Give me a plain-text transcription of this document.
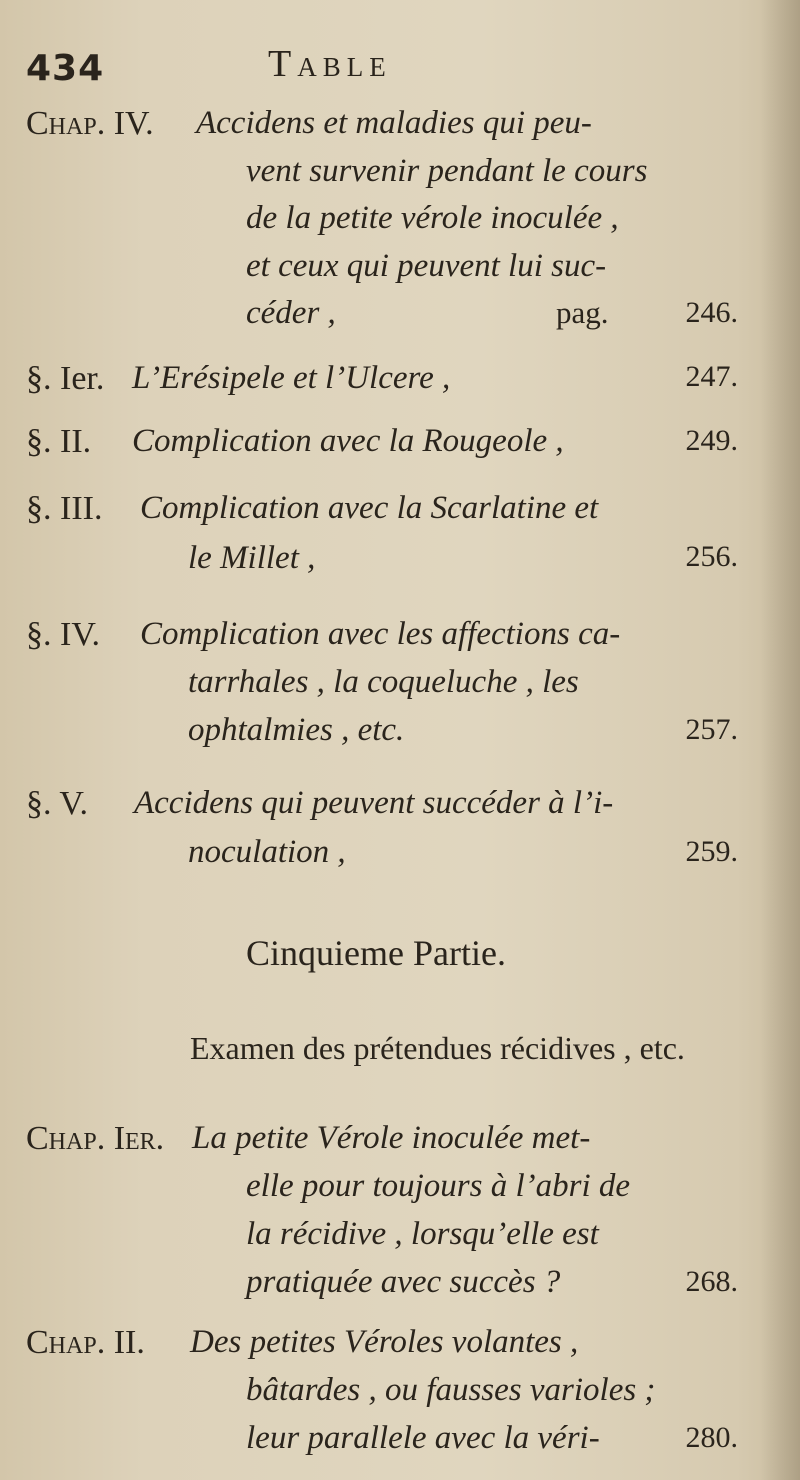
434	Table
Chap. IV. Accidens et maladies qui peu-
vent survenir pendant le cours
de la petite vérole inoculée ,
et ceux qui peuvent lui suc-
céder ,	pag.	246.
§. Ier. L’Erésipele et l’Ulcere ,	247.
§. II. Complication avec la Rougeole ,	249.
§. III. Complication avec la Scarlatine et
le Millet ,	256.
§. IV. Complication avec les affections ca-
tarrhales , la coqueluche , les
ophtalmies , etc.	257.
§. V. Accidens qui peuvent succéder à l’i-
noculation ,	259.
Cinquieme Partie.
Examen des prétendues récidives , etc.
Chap. Ier. La petite Vérole inoculée met-
elle pour toujours à l’abri de
la récidive , lorsqu’elle est
pratiquée avec succès ?	268.
Chap. II. Des petites Véroles volantes ,
bâtardes , ou fausses varioles ;
leur parallele avec la véri-	280.
